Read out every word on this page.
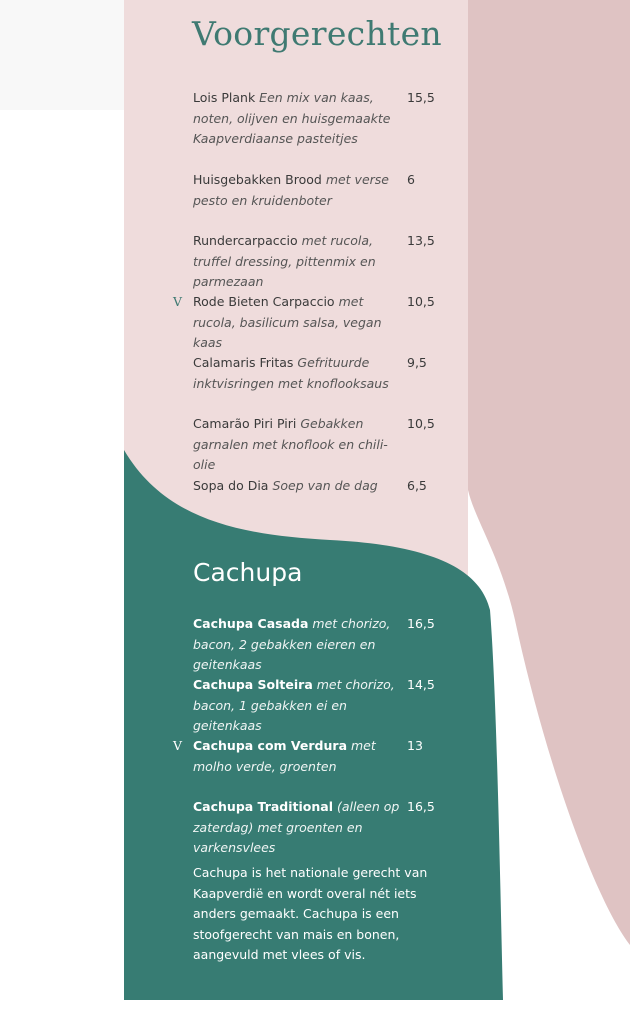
Voorgerechten
Lois Plank Een mix van kaas, noten, olijven en huisgemaakte Kaapverdiaanse pasteitjes
15,5
Huisgebakken Brood met verse pesto en kruidenboter
6
Rundercarpaccio met rucola, truffel dressing, pittenmix en parmezaan
13,5
V Rode Bieten Carpaccio met rucola, basilicum salsa, vegan kaas
10,5
Calamaris Fritas Gefrituurde inktvisringen met knoflooksaus
9,5
Camarão Piri Piri Gebakken garnalen met knoflook en chili-olie
10,5
Sopa do Dia Soep van de dag	6,5
Cachupa
Cachupa Casada met chorizo, bacon, 2 gebakken eieren en geitenkaas
16,5
Cachupa Solteira met chorizo, bacon, 1 gebakken ei en geitenkaas
14,5
V Cachupa com Verdura met molho verde, groenten
13
Cachupa Traditional (alleen op zaterdag) met groenten en varkensvlees
16,5

Cachupa is het nationale gerecht van Kaapverdië en wordt overal nét iets anders gemaakt. Cachupa is een stoofgerecht van mais en bonen, aangevuld met vlees of vis.
